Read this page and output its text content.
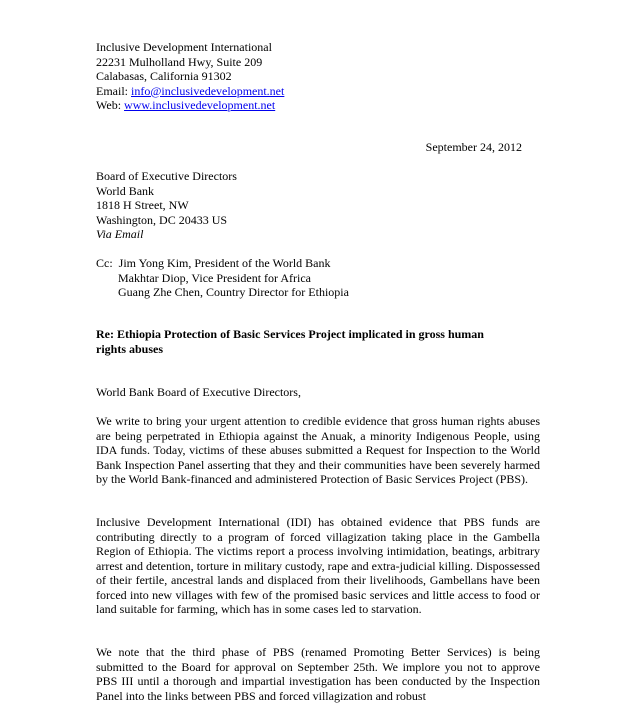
Inclusive Development International
22231 Mulholland Hwy, Suite 209
Calabasas, California 91302
Email: info@inclusivedevelopment.net
Web: www.inclusivedevelopment.net
September 24, 2012
Board of Executive Directors
World Bank
1818 H Street, NW
Washington, DC 20433 US
Via Email
Cc: Jim Yong Kim, President of the World Bank
Makhtar Diop, Vice President for Africa
Guang Zhe Chen, Country Director for Ethiopia
Re: Ethiopia Protection of Basic Services Project implicated in gross human
rights abuses
World Bank Board of Executive Directors,
We write to bring your urgent attention to credible evidence that gross human rights abuses are being perpetrated in Ethiopia against the Anuak, a minority Indigenous People, using IDA funds. Today, victims of these abuses submitted a Request for Inspection to the World Bank Inspection Panel asserting that they and their communities have been severely harmed by the World Bank-financed and administered Protection of Basic Services Project (PBS).
Inclusive Development International (IDI) has obtained evidence that PBS funds are contributing directly to a program of forced villagization taking place in the Gambella Region of Ethiopia. The victims report a process involving intimidation, beatings, arbitrary arrest and detention, torture in military custody, rape and extra-judicial killing. Dispossessed of their fertile, ancestral lands and displaced from their livelihoods, Gambellans have been forced into new villages with few of the promised basic services and little access to food or land suitable for farming, which has in some cases led to starvation.
We note that the third phase of PBS (renamed Promoting Better Services) is being submitted to the Board for approval on September 25th. We implore you not to approve PBS III until a thorough and impartial investigation has been conducted by the Inspection Panel into the links between PBS and forced villagization and robust
